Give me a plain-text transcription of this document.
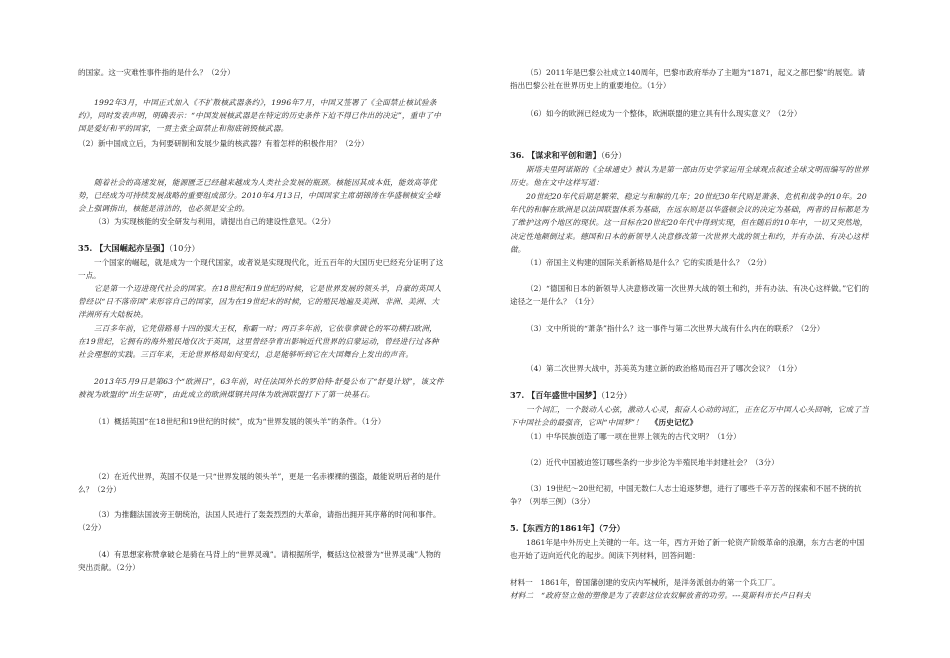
的国家。这一灾难性事件指的是什么？（2分）

1992年3月，中国正式加入《不扩散核武器条约》，1996年7月，中国又签署了《全面禁止核试验条约》，同时发表声明，明确表示：“中国发展核武器是在特定的历史条件下迫不得已作出的决定”，重申了中国是爱好和平的国家，一贯主张全面禁止和彻底销毁核武器。

（2）新中国成立后，为何要研制和发展少量的核武器？有着怎样的积极作用？（2分）

随着社会的高速发展，能源匮乏已经越来越成为人类社会发展的瓶颈。核能因其成本低，能效高等优势，已经成为可持续发展战略的重要组成部分。2010年4月13日，中国国家主席胡锦涛在华盛顿核安全峰会上强调指出，核能是清洁的，也必须是安全的。

（3）为实现核能的安全研发与利用，请提出自己的建设性意见。（2分）

35. 【大国崛起亦呈强】（10分）

一个国家的崛起，就是成为一个现代国家，或者说是实现现代化，近五百年的大国历史已经充分证明了这一点。

它是第一个迈进现代社会的国家。在18世纪和19世纪的时候，它是世界发展的领头羊，自豪的英国人曾经以“日不落帝国”来形容自己的国家，因为在19世纪末的时候，它的殖民地遍及美洲、非洲、美洲、大洋洲所有大陆板块。

三百多年前，它凭借路易十四的强大王权，称霸一时；两百多年前，它依靠拿破仑的军功横扫欧洲，在19世纪，它拥有的海外殖民地仅次于英国，这里曾经孕育出影响近代世界的启蒙运动，曾经进行过各种社会理想的实践。三百年来，无论世界格局如何变幻，总是能够听到它在大国舞台上发出的声音。

2013年5月9日是第63个“欧洲日”，63年前，时任法国外长的罗伯特·舒曼公布了“舒曼计划”，该文件被视为欧盟的“出生证明”，由此成立的欧洲煤钢共同体为欧洲联盟打下了第一块基石。

（1）概括英国“在18世纪和19世纪的时候”，成为“世界发展的领头羊”的条件。（1分）

（2）在近代世界，英国不仅是一只“世界发展的领头羊”，更是一名赤裸裸的强盗，最能说明后者的是什么？（2分）

（3）为推翻法国波旁王朝统治，法国人民进行了轰轰烈烈的大革命，请指出拥开其序幕的时间和事件。（2分）

（4）有思想家称赞拿破仑是骑在马背上的“世界灵魂”。请根据所学，概括这位被誉为“世界灵魂”人物的突出贡献。（2分）

（5）2011年是巴黎公社成立140周年，巴黎市政府举办了主题为“1871，起义之都巴黎”的展览。请指出巴黎公社在世界历史上的重要地位。（1分）

（6）如今的欧洲已经成为一个整体，欧洲联盟的建立具有什么现实意义？（2分）

36. 【谋求和平创和谐】（6分）

斯塔夫里阿诺斯的《全球通史》被认为是第一部由历史学家运用全球观点叙述全球文明而编写的世界历史。他在文中这样写道：

20世纪20年代后期是繁荣、稳定与和解的几年；20世纪30年代则是萧条、危机和战争的10年。20年代的和解在欧洲是以法国联盟体系为基础，在远东则是以华盛顿会议的决定为基础，两者的目标都是为了维护这两个地区的现状。这一目标在20世纪20年代中得到实现，但在随后的10年中，一切又突然地，决定性地颠倒过来。德国和日本的新领导人决意修改第一次世界大战的领土和约，并有办法、有决心这样做。

（1）帝国主义构建的国际关系新格局是什么？它的实质是什么？（2分）

（2）“德国和日本的新领导人决意修改第一次世界大战的领土和约，并有办法、有决心这样做。”它们的途径之一是什么？（1分）

（3）文中所说的“萧条”指什么？这一事件与第二次世界大战有什么内在的联系？（2分）

（4）第二次世界大战中，苏美英为建立新的政治格局而召开了哪次会议？（1分）

37. 【百年盛世中国梦】（12分）

一个词汇，一个鼓动人心弦，激动人心灵，振奋人心动的词汇，正在亿万中国人心头回响，它成了当下中国社会的最强音，它叫“中国梦”！ 《历史记忆》

（1）中华民族创造了哪一项在世界上领先的古代文明？（1分）

（2）近代中国被迫签订哪些条约一步步沦为半殖民地半封建社会？（3分）

（3）19世纪～20世纪初，中国无数仁人志士追逐梦想，进行了哪些千辛万苦的探索和不屈不挠的抗争？（列举三例）（3分）

5.【东西方的1861年】（7分）

1861年是中外历史上关键的一年。这一年，西方开始了新一轮资产阶级革命的浪潮，东方古老的中国也开始了迈向近代化的起步。阅读下列材料，回答问题：

材料一　1861年，曾国藩创建的安庆内军械所，是洋务派创办的第一个兵工厂。

材料二　“政府竖立他的塑像是为了表彰这位农奴解放者的功劳。---莫斯科市长卢日科夫
